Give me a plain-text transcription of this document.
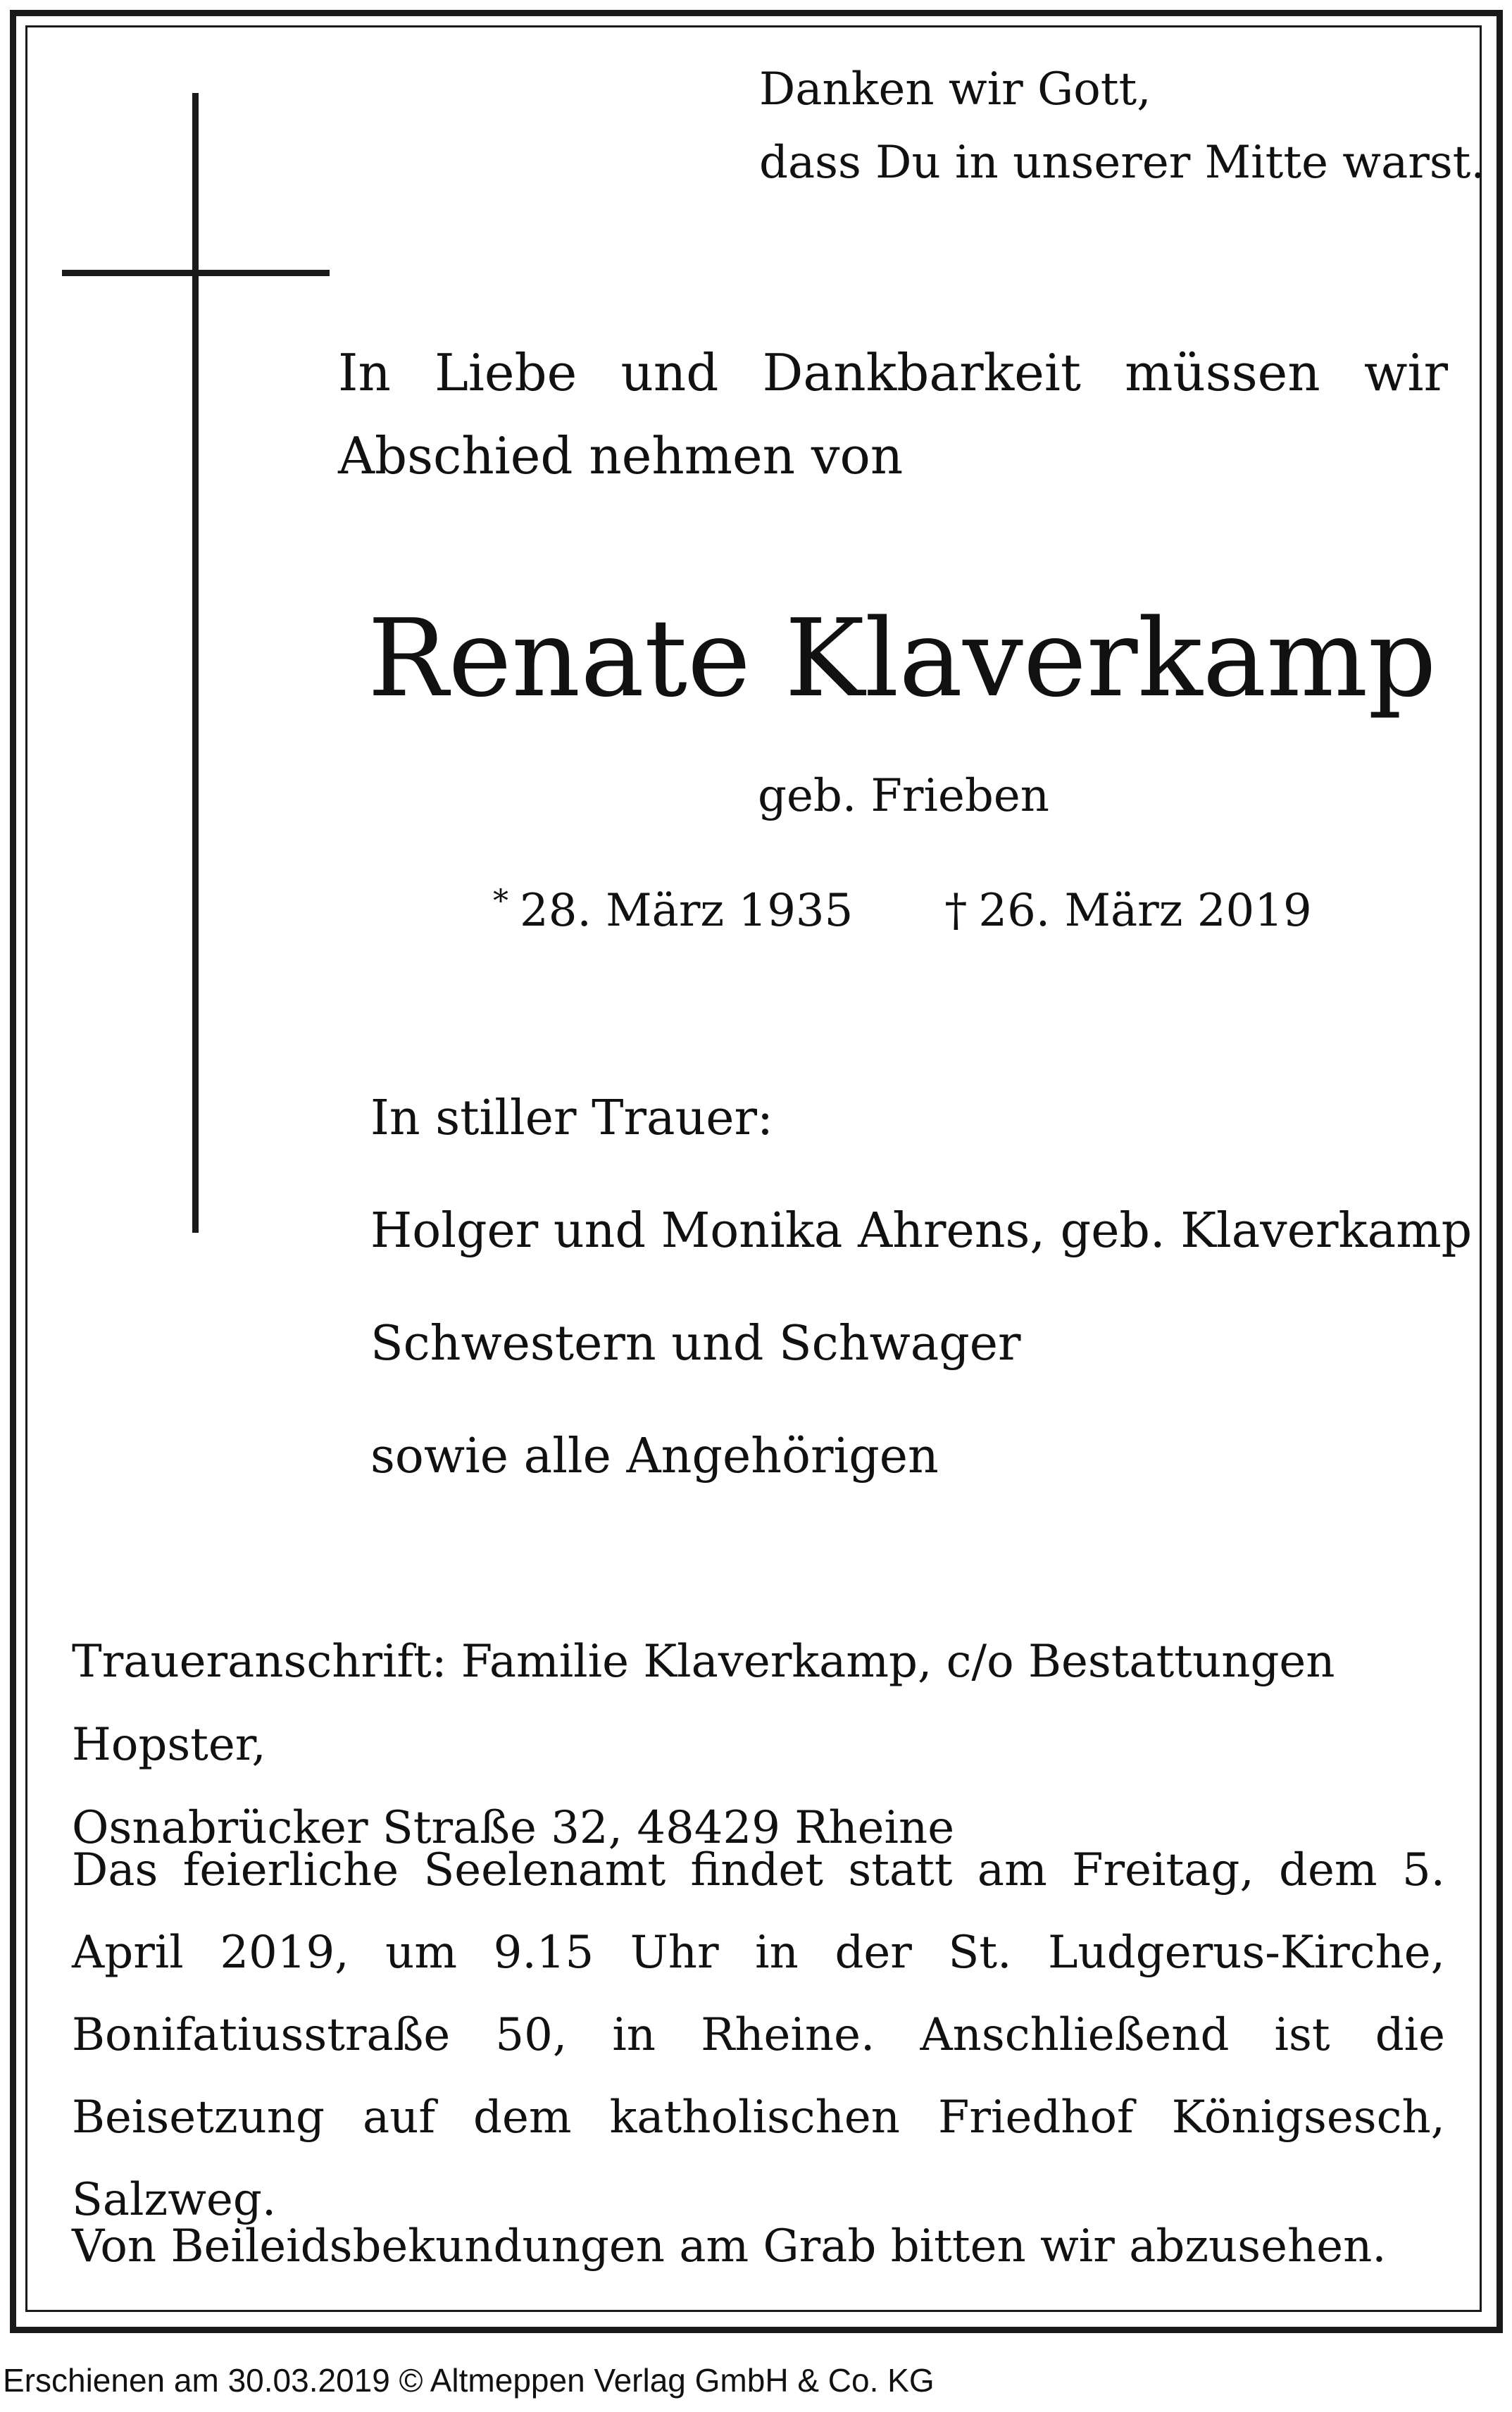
Danken wir Gott,
dass Du in unserer Mitte warst.
In Liebe und Dankbarkeit müssen wir Abschied nehmen von
Renate Klaverkamp
geb. Frieben
* 28. März 1935 † 26. März 2019
In stiller Trauer:
Holger und Monika Ahrens, geb. Klaverkamp
Schwestern und Schwager
sowie alle Angehörigen
Traueranschrift: Familie Klaverkamp, c/o Bestattungen Hopster,
Osnabrücker Straße 32, 48429 Rheine
Das feierliche Seelenamt findet statt am Freitag, dem 5. April 2019, um 9.15 Uhr in der St. Ludgerus-Kirche, Bonifatiusstraße 50, in Rheine. Anschließend ist die Beisetzung auf dem katholischen Friedhof Königsesch, Salzweg.
Von Beileidsbekundungen am Grab bitten wir abzusehen.
Erschienen am 30.03.2019 © Altmeppen Verlag GmbH & Co. KG
